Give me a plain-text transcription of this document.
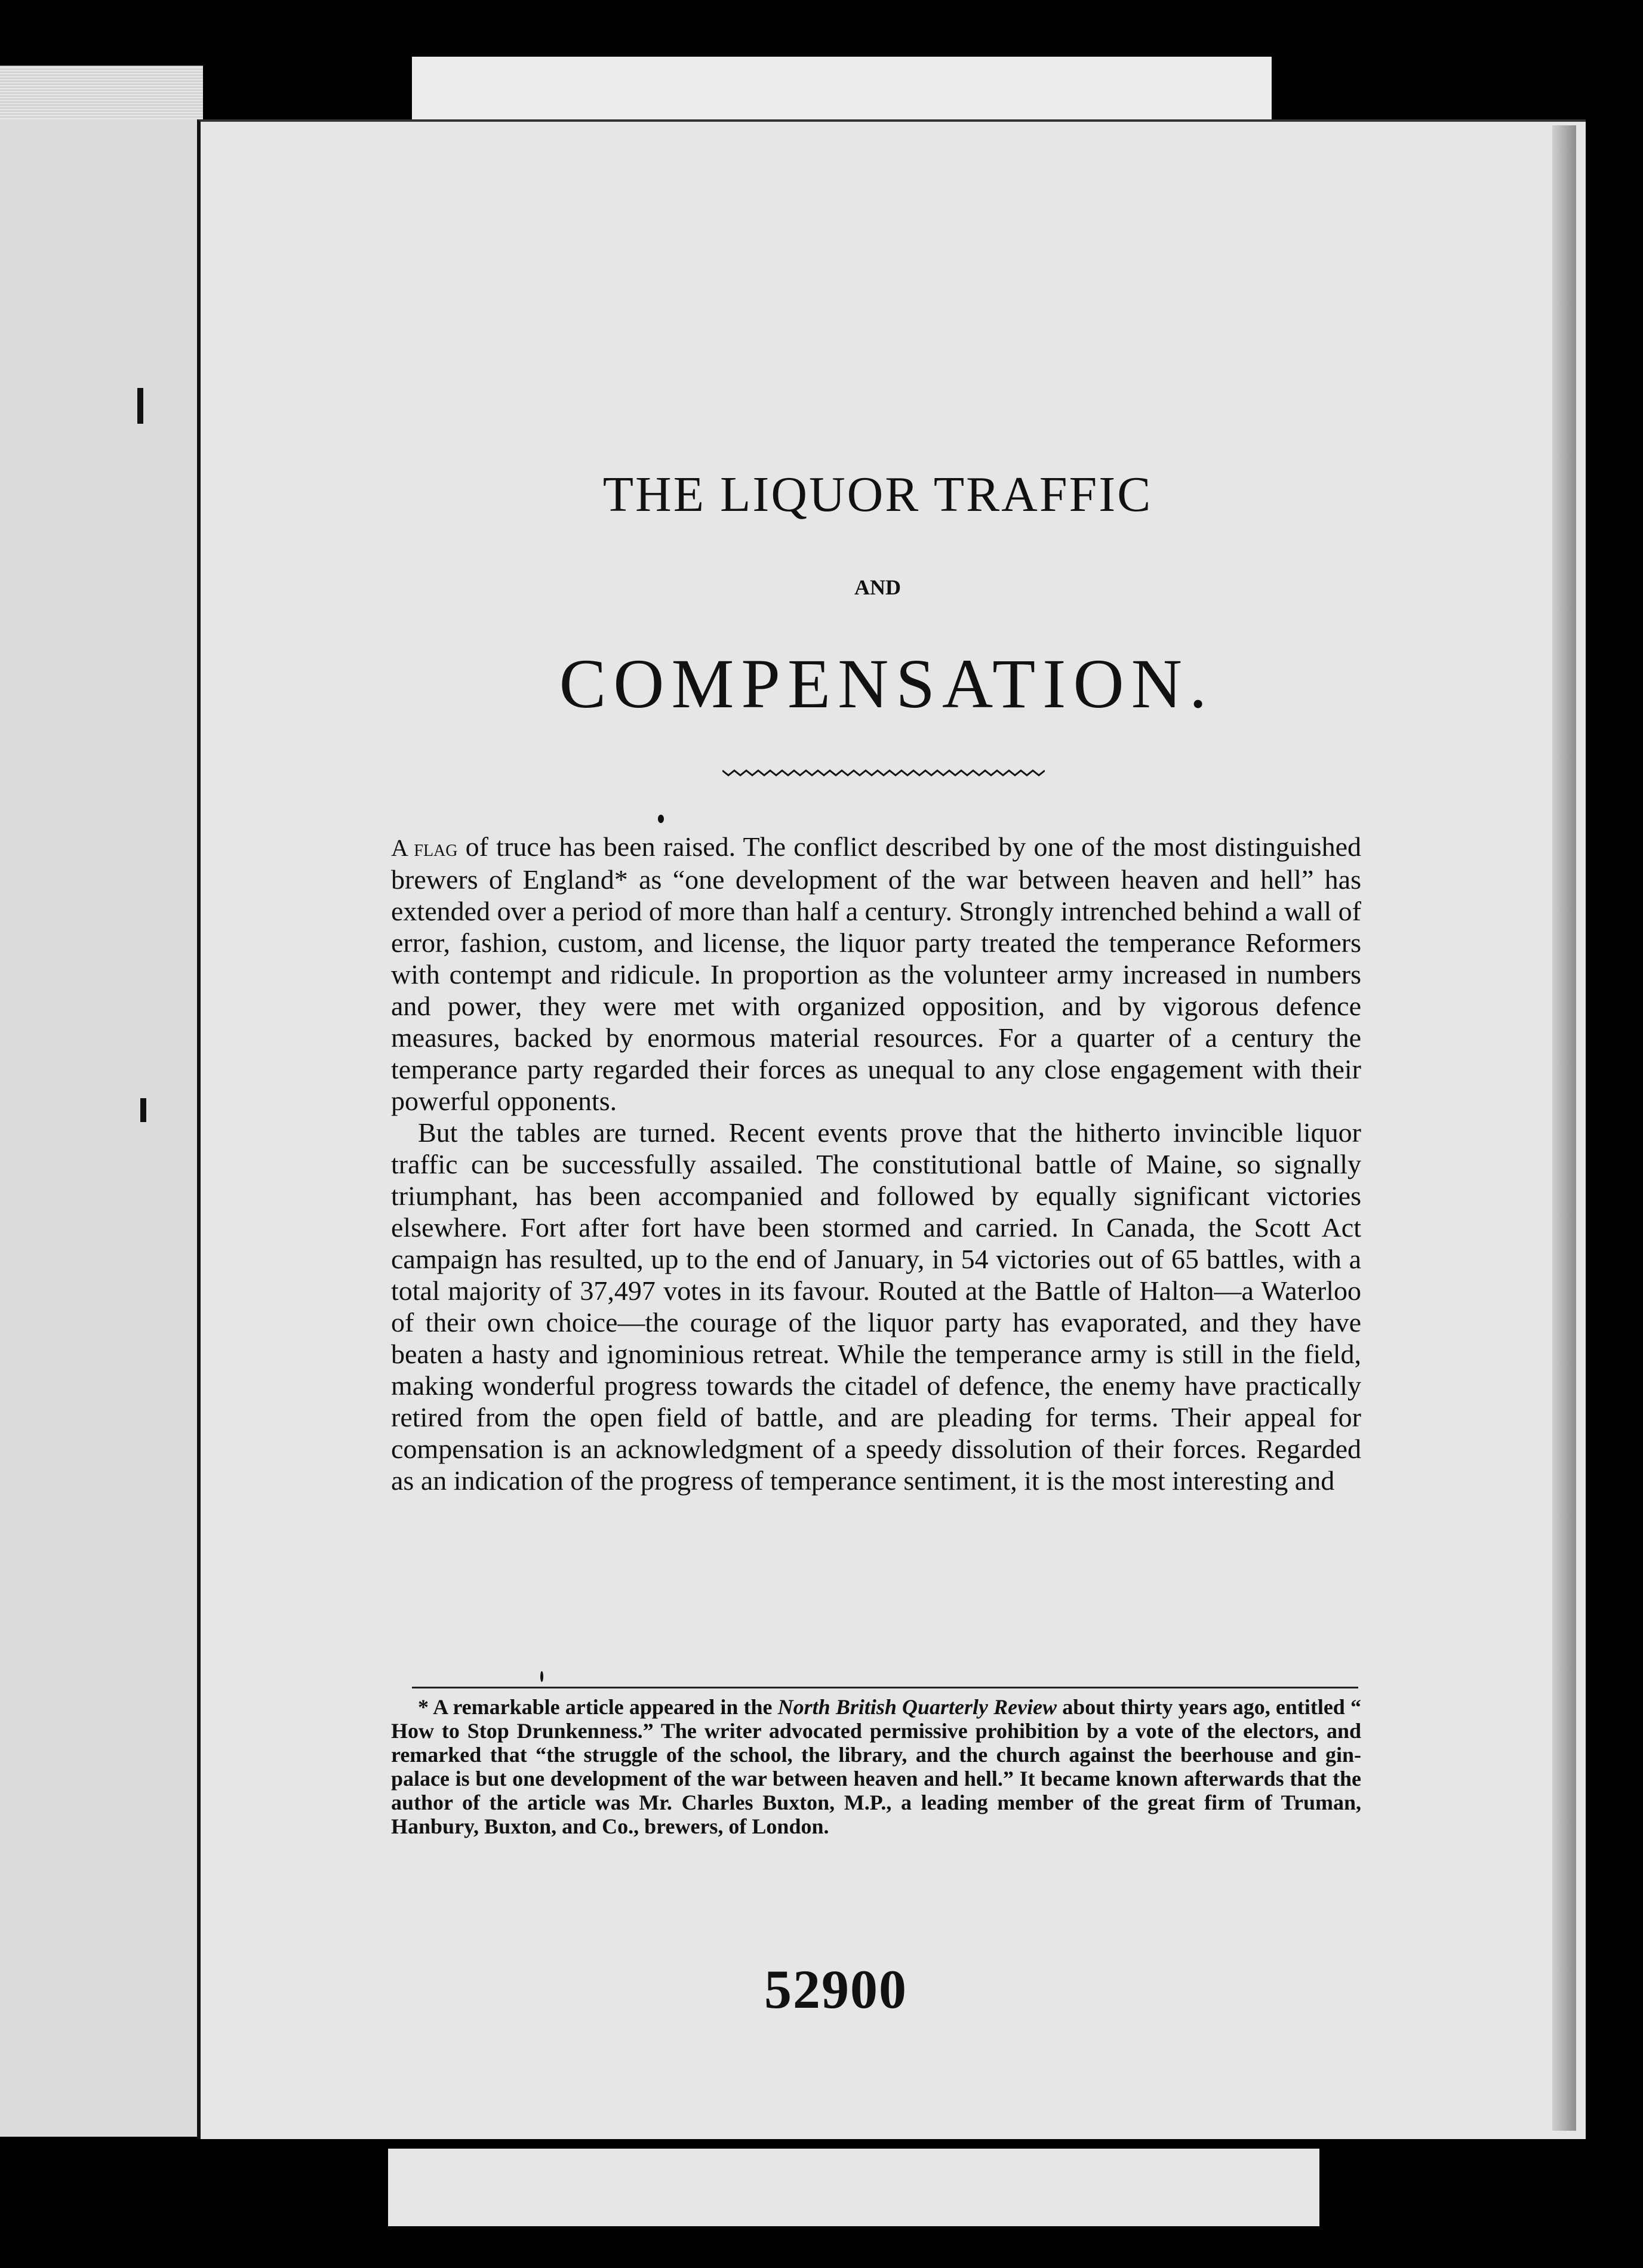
THE LIQUOR TRAFFIC
AND
COMPENSATION.

A flag of truce has been raised. The conflict described by one of the most distinguished brewers of England* as “one development of the war between heaven and hell” has extended over a period of more than half a century. Strongly intrenched behind a wall of error, fashion, custom, and license, the liquor party treated the temperance Reformers with contempt and ridicule. In proportion as the volunteer army increased in numbers and power, they were met with organized opposition, and by vigorous defence measures, backed by enormous material resources. For a quarter of a century the temperance party regarded their forces as unequal to any close engagement with their powerful opponents.

But the tables are turned. Recent events prove that the hitherto invincible liquor traffic can be successfully assailed. The constitutional battle of Maine, so signally triumphant, has been accompanied and followed by equally significant victories elsewhere. Fort after fort have been stormed and carried. In Canada, the Scott Act campaign has resulted, up to the end of January, in 54 victories out of 65 battles, with a total majority of 37,497 votes in its favour. Routed at the Battle of Halton—a Waterloo of their own choice—the courage of the liquor party has evaporated, and they have beaten a hasty and ignominious retreat. While the temperance army is still in the field, making wonderful progress towards the citadel of defence, the enemy have practically retired from the open field of battle, and are pleading for terms. Their appeal for compensation is an acknowledgment of a speedy dissolution of their forces. Regarded as an indication of the progress of temperance sentiment, it is the most interesting and

* A remarkable article appeared in the North British Quarterly Review about thirty years ago, entitled “ How to Stop Drunkenness.” The writer advocated permissive prohibition by a vote of the electors, and remarked that “the struggle of the school, the library, and the church against the beerhouse and gin-palace is but one development of the war between heaven and hell.” It became known afterwards that the author of the article was Mr. Charles Buxton, M.P., a leading member of the great firm of Truman, Hanbury, Buxton, and Co., brewers, of London.

52900
